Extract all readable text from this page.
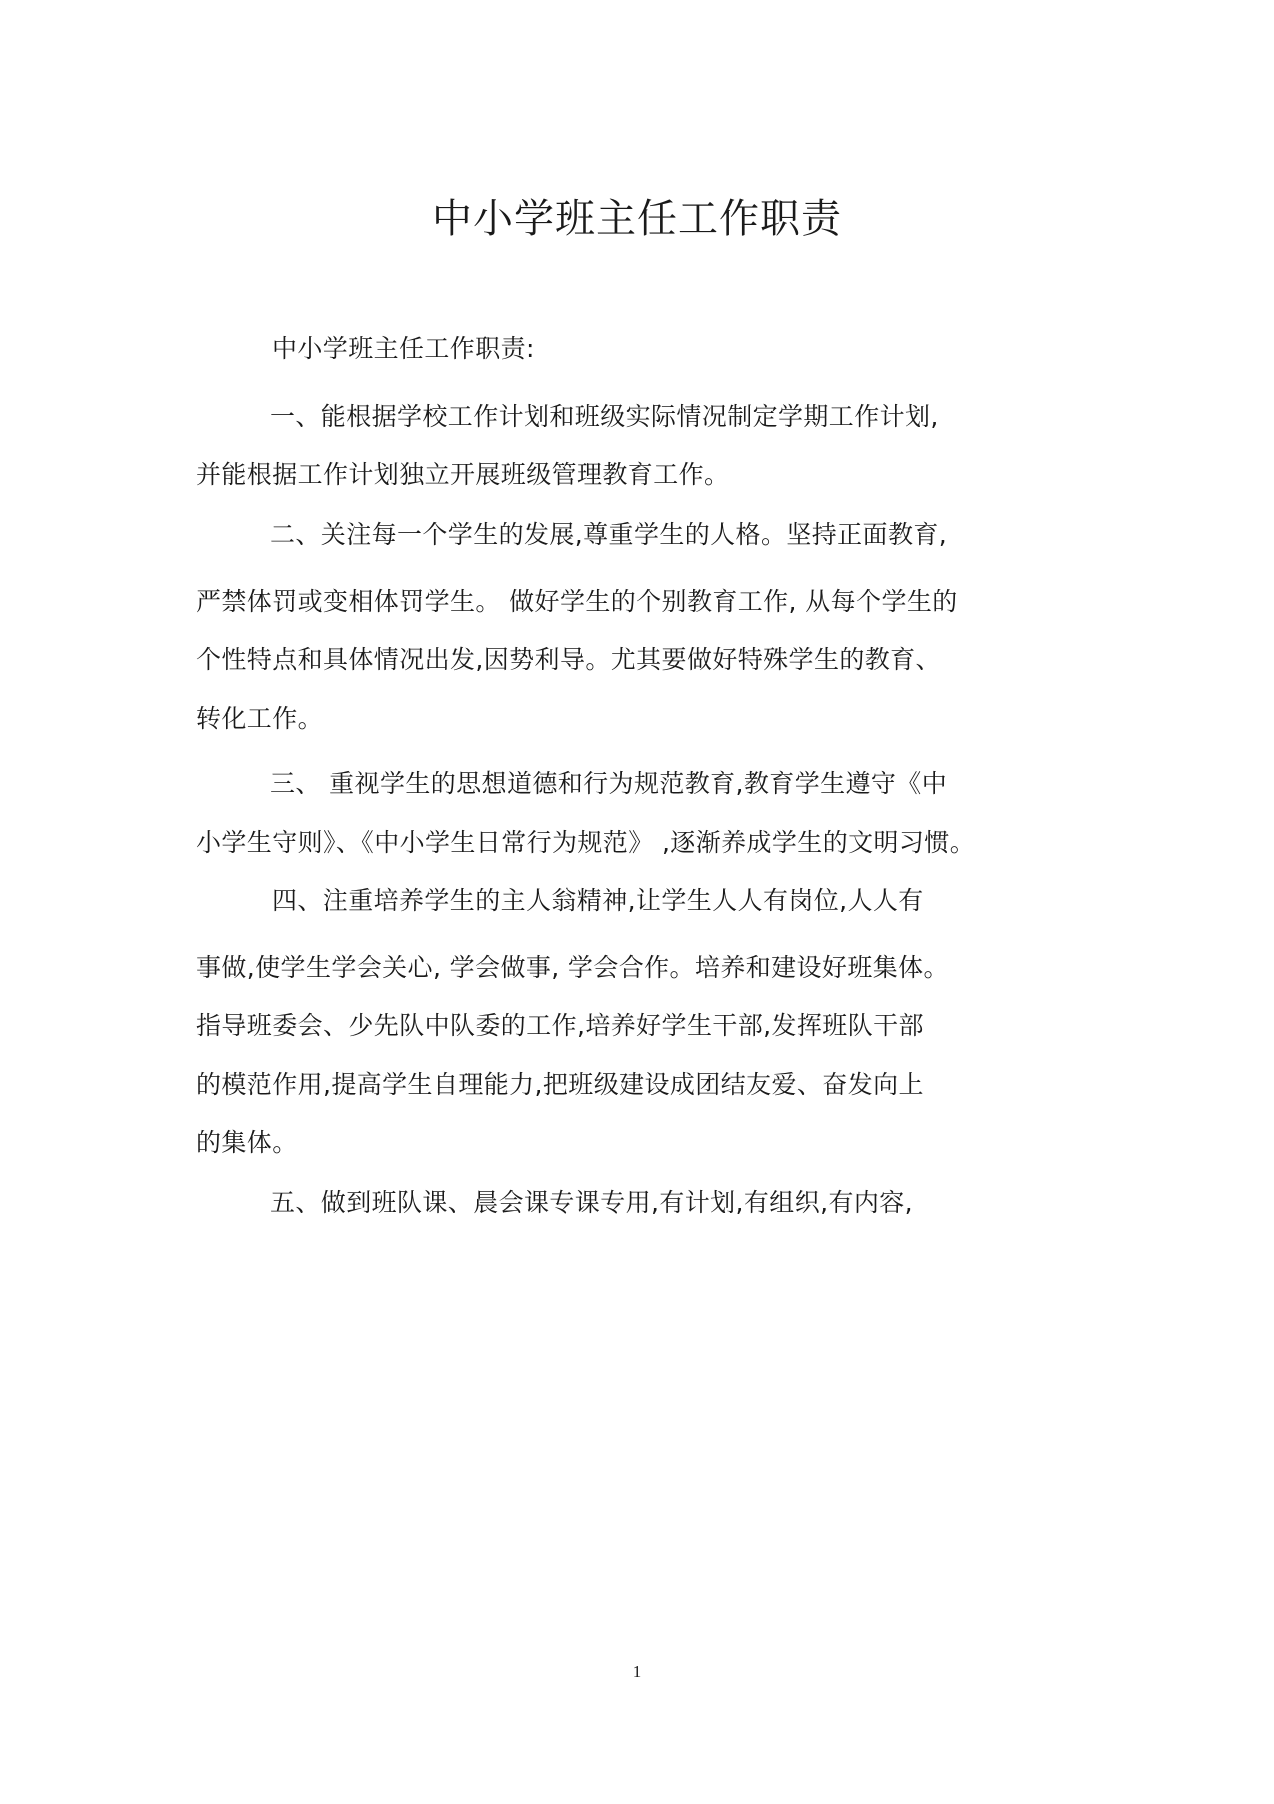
中小学班主任工作职责
中小学班主任工作职责:
一、能根据学校工作计划和班级实际情况制定学期工作计划,
并能根据工作计划独立开展班级管理教育工作。
二、关注每一个学生的发展,尊重学生的人格。坚持正面教育,
严禁体罚或变相体罚学生。 做好学生的个别教育工作, 从每个学生的
个性特点和具体情况出发,因势利导。尤其要做好特殊学生的教育、
转化工作。
三、 重视学生的思想道德和行为规范教育,教育学生遵守《中
小学生守则》、《中小学生日常行为规范》 ,逐渐养成学生的文明习惯。
四、注重培养学生的主人翁精神,让学生人人有岗位,人人有
事做,使学生学会关心, 学会做事, 学会合作。培养和建设好班集体。
指导班委会、少先队中队委的工作,培养好学生干部,发挥班队干部
的模范作用,提高学生自理能力,把班级建设成团结友爱、奋发向上
的集体。
五、做到班队课、晨会课专课专用,有计划,有组织,有内容,
1
